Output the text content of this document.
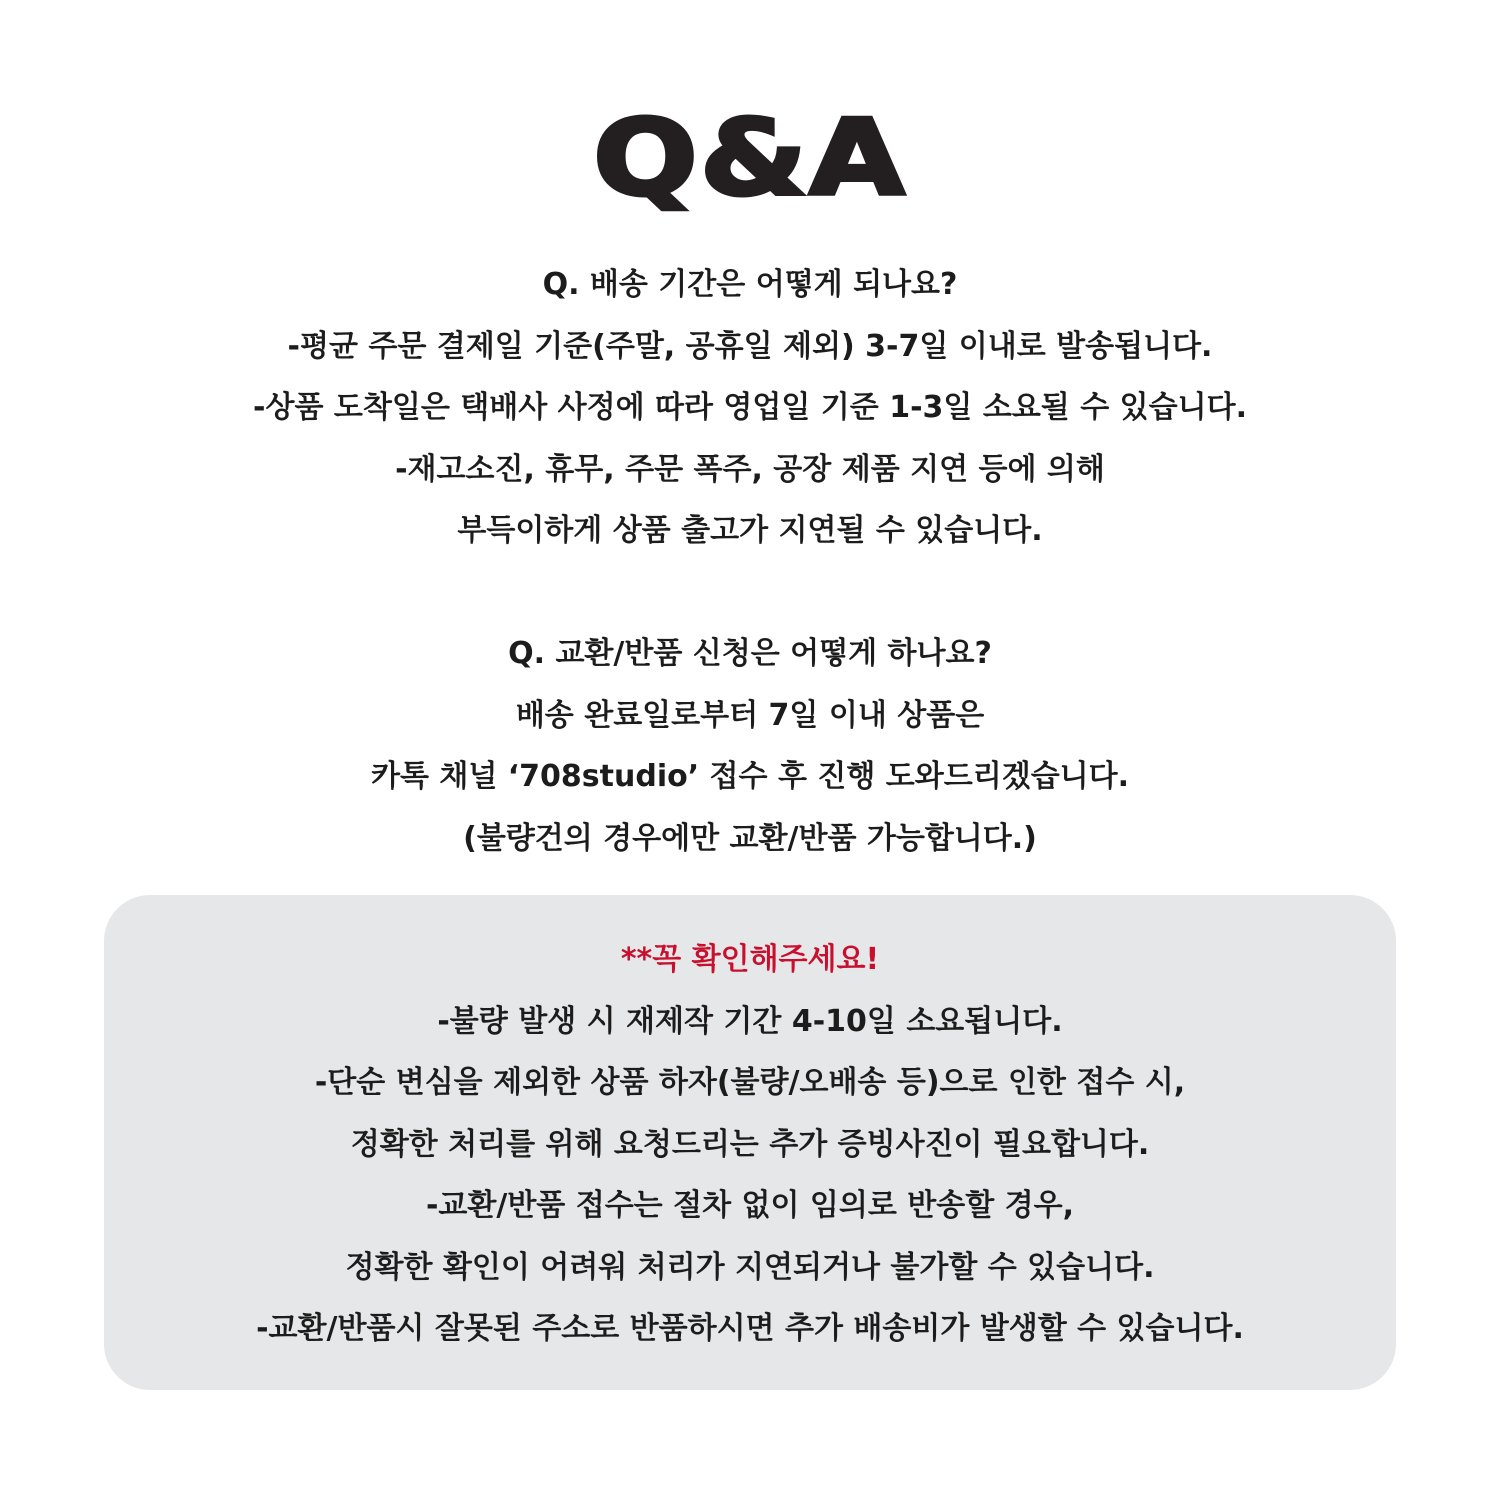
Q&A
Q. 배송 기간은 어떻게 되나요?
-평균 주문 결제일 기준(주말, 공휴일 제외) 3-7일 이내로 발송됩니다.
-상품 도착일은 택배사 사정에 따라 영업일 기준 1-3일 소요될 수 있습니다.
-재고소진, 휴무, 주문 폭주, 공장 제품 지연 등에 의해
부득이하게 상품 출고가 지연될 수 있습니다.
Q. 교환/반품 신청은 어떻게 하나요?
배송 완료일로부터 7일 이내 상품은
카톡 채널 ‘708studio’ 접수 후 진행 도와드리겠습니다.
(불량건의 경우에만 교환/반품 가능합니다.)
**꼭 확인해주세요!
-불량 발생 시 재제작 기간 4-10일 소요됩니다.
-단순 변심을 제외한 상품 하자(불량/오배송 등)으로 인한 접수 시,
정확한 처리를 위해 요청드리는 추가 증빙사진이 필요합니다.
-교환/반품 접수는 절차 없이 임의로 반송할 경우,
정확한 확인이 어려워 처리가 지연되거나 불가할 수 있습니다.
-교환/반품시 잘못된 주소로 반품하시면 추가 배송비가 발생할 수 있습니다.
